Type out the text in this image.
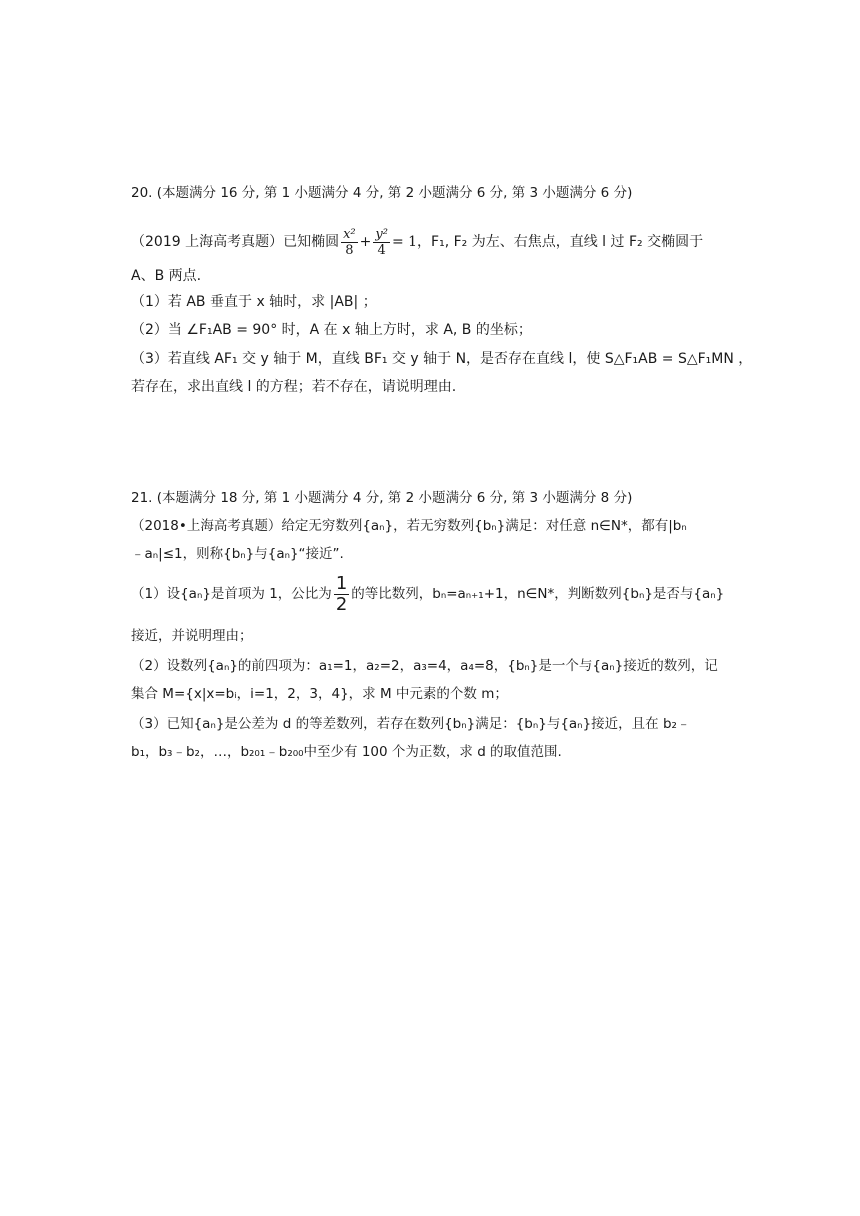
20. (本题满分 16 分, 第 1 小题满分 4 分, 第 2 小题满分 6 分, 第 3 小题满分 6 分)
（2019 上海高考真题）已知椭圆 $\frac{\text{x²}}{8} + \frac{\text{y²}}{4} = 1$，F₁, F₂ 为左、右焦点，直线 l 过 F₂ 交椭圆于
A、B 两点.
（1）若 AB 垂直于 x 轴时，求 |AB| ；
（2）当 ∠F₁AB = 90° 时，A 在 x 轴上方时，求 A, B 的坐标；
（3）若直线 AF₁ 交 y 轴于 M，直线 BF₁ 交 y 轴于 N，是否存在直线 l，使 S△F₁AB = S△F₁MN ，
若存在，求出直线 l 的方程；若不存在，请说明理由.
21. (本题满分 18 分, 第 1 小题满分 4 分, 第 2 小题满分 6 分, 第 3 小题满分 8 分)
（2018•上海高考真题）给定无穷数列{aₙ}，若无穷数列{bₙ}满足：对任意 n∈N*，都有|bₙ
﹣aₙ|≤1，则称{bₙ}与{aₙ}“接近”.
（1）设{aₙ}是首项为 1，公比为 $\frac{1}{2}$ 的等比数列，bₙ=aₙ₊₁+1，n∈N*，判断数列{bₙ}是否与{aₙ}
接近，并说明理由；
（2）设数列{aₙ}的前四项为：a₁=1，a₂=2，a₃=4，a₄=8，{bₙ}是一个与{aₙ}接近的数列，记
集合 M={x|x=bᵢ，i=1，2，3，4}，求 M 中元素的个数 m；
（3）已知{aₙ}是公差为 d 的等差数列，若存在数列{bₙ}满足：{bₙ}与{aₙ}接近，且在 b₂﹣
b₁，b₃﹣b₂，…，b₂₀₁﹣b₂₀₀中至少有 100 个为正数，求 d 的取值范围.
